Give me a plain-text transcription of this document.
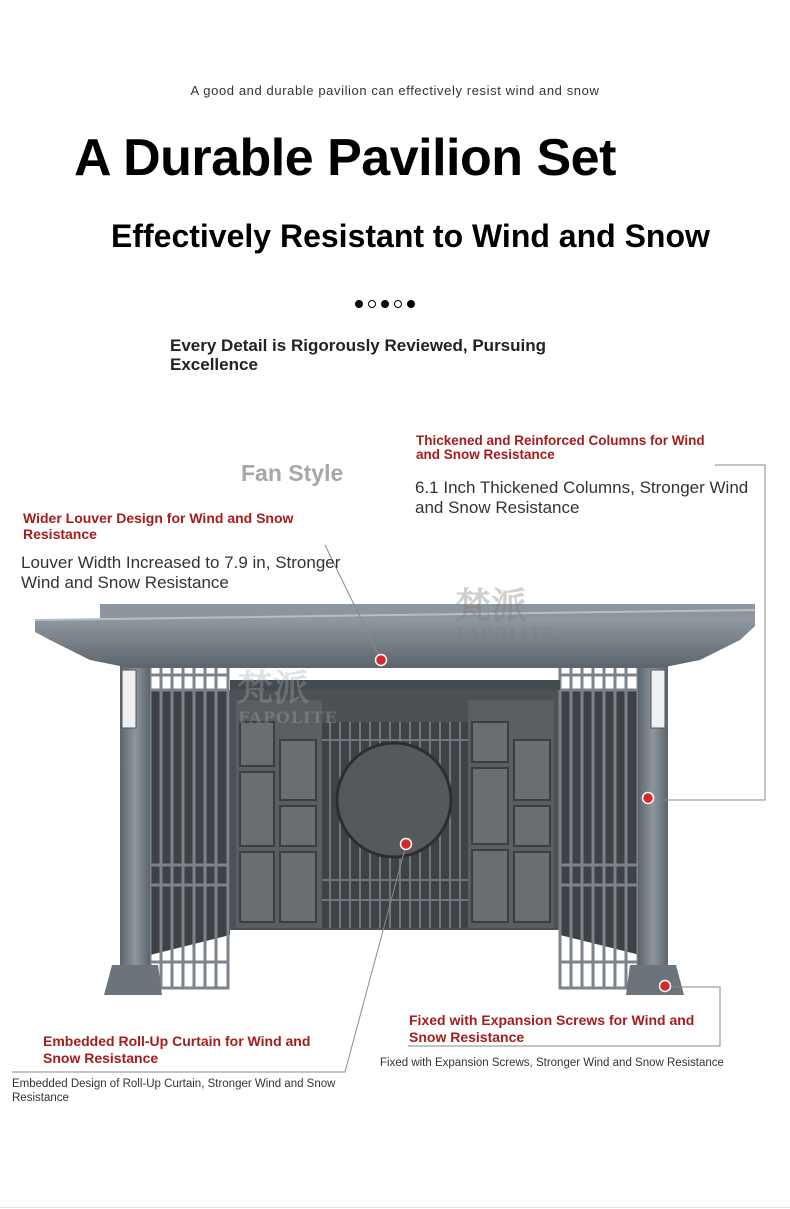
梵派
FAPOLITE
梵派
FAPOLITE
A good and durable pavilion can effectively resist wind and snow
A Durable Pavilion Set
Effectively Resistant to Wind and Snow
Every Detail is Rigorously Reviewed, Pursuing Excellence
Fan Style
Thickened and Reinforced Columns for Wind and Snow Resistance
6.1 Inch Thickened Columns, Stronger Wind and Snow Resistance
Wider Louver Design for Wind and Snow Resistance
Louver Width Increased to 7.9 in, Stronger Wind and Snow Resistance
Embedded Roll-Up Curtain for Wind and Snow Resistance
Embedded Design of Roll-Up Curtain, Stronger Wind and Snow Resistance
Fixed with Expansion Screws for Wind and Snow Resistance
Fixed with Expansion Screws, Stronger Wind and Snow Resistance
